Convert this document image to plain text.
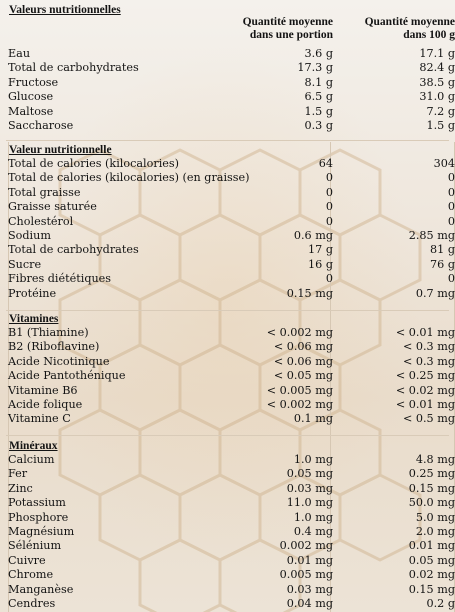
Valeurs nutritionnelles
Quantité moyenne
dans une portion
Quantité moyenne
dans 100 g
Eau	3.6 g	17.1 g
Total de carbohydrates	17.3 g	82.4 g
Fructose	8.1 g	38.5 g
Glucose	6.5 g	31.0 g
Maltose	1.5 g	7.2 g
Saccharose	0.3 g	1.5 g
Valeur nutritionnelle
Total de calories (kilocalories)	64	304
Total de calories (kilocalories) (en graisse)	0	0
Total graisse	0	0
Graisse saturée	0	0
Cholestérol	0	0
Sodium	0.6 mg	2.85 mg
Total de carbohydrates	17 g	81 g
Sucre	16 g	76 g
Fibres diététiques	0	0
Protéine	0.15 mg	0.7 mg
Vitamines
B1 (Thiamine)	< 0.002 mg	< 0.01 mg
B2 (Riboflavine)	< 0.06 mg	< 0.3 mg
Acide Nicotinique	< 0.06 mg	< 0.3 mg
Acide Pantothénique	< 0.05 mg	< 0.25 mg
Vitamine B6	< 0.005 mg	< 0.02 mg
Acide folique	< 0.002 mg	< 0.01 mg
Vitamine C	0.1 mg	< 0.5 mg
Minéraux
Calcium	1.0 mg	4.8 mg
Fer	0.05 mg	0.25 mg
Zinc	0.03 mg	0.15 mg
Potassium	11.0 mg	50.0 mg
Phosphore	1.0 mg	5.0 mg
Magnésium	0.4 mg	2.0 mg
Sélénium	0.002 mg	0.01 mg
Cuivre	0.01 mg	0.05 mg
Chrome	0.005 mg	0.02 mg
Manganèse	0.03 mg	0.15 mg
Cendres	0.04 mg	0.2 g
